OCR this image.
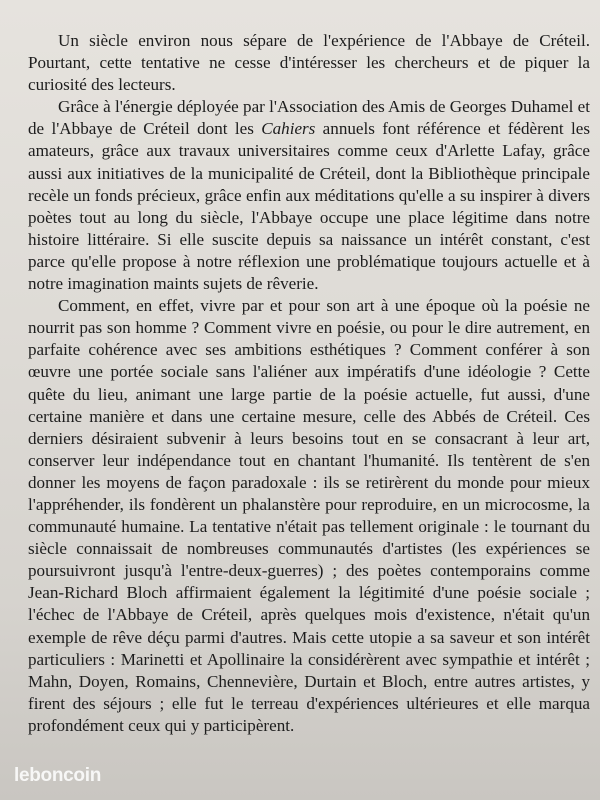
Un siècle environ nous sépare de l'expérience de l'Abbaye de Créteil. Pourtant, cette tentative ne cesse d'intéresser les chercheurs et de piquer la curiosité des lecteurs.

Grâce à l'énergie déployée par l'Association des Amis de Georges Duhamel et de l'Abbaye de Créteil dont les Cahiers annuels font référence et fédèrent les amateurs, grâce aux travaux universitaires comme ceux d'Arlette Lafay, grâce aussi aux initiatives de la municipalité de Créteil, dont la Bibliothèque principale recèle un fonds précieux, grâce enfin aux méditations qu'elle a su inspirer à divers poètes tout au long du siècle, l'Abbaye occupe une place légitime dans notre histoire littéraire. Si elle suscite depuis sa naissance un intérêt constant, c'est parce qu'elle propose à notre réflexion une problématique toujours actuelle et à notre imagination maints sujets de rêverie.

Comment, en effet, vivre par et pour son art à une époque où la poésie ne nourrit pas son homme ? Comment vivre en poésie, ou pour le dire autrement, en parfaite cohérence avec ses ambitions esthétiques ? Comment conférer à son œuvre une portée sociale sans l'aliéner aux impératifs d'une idéologie ? Cette quête du lieu, animant une large partie de la poésie actuelle, fut aussi, d'une certaine manière et dans une certaine mesure, celle des Abbés de Créteil. Ces derniers désiraient subvenir à leurs besoins tout en se consacrant à leur art, conserver leur indépendance tout en chantant l'humanité. Ils tentèrent de s'en donner les moyens de façon paradoxale : ils se retirèrent du monde pour mieux l'appréhender, ils fondèrent un phalanstère pour reproduire, en un microcosme, la communauté humaine. La tentative n'était pas tellement originale : le tournant du siècle connaissait de nombreuses communautés d'artistes (les expériences se poursuivront jusqu'à l'entre-deux-guerres) ; des poètes contemporains comme Jean-Richard Bloch affirmaient également la légitimité d'une poésie sociale ; l'échec de l'Abbaye de Créteil, après quelques mois d'existence, n'était qu'un exemple de rêve déçu parmi d'autres. Mais cette utopie a sa saveur et son intérêt particuliers : Marinetti et Apollinaire la considérèrent avec sympathie et intérêt ; Mahn, Doyen, Romains, Chennevière, Durtain et Bloch, entre autres artistes, y firent des séjours ; elle fut le terreau d'expériences ultérieures et elle marqua profondément ceux qui y participèrent.

leboncoin
